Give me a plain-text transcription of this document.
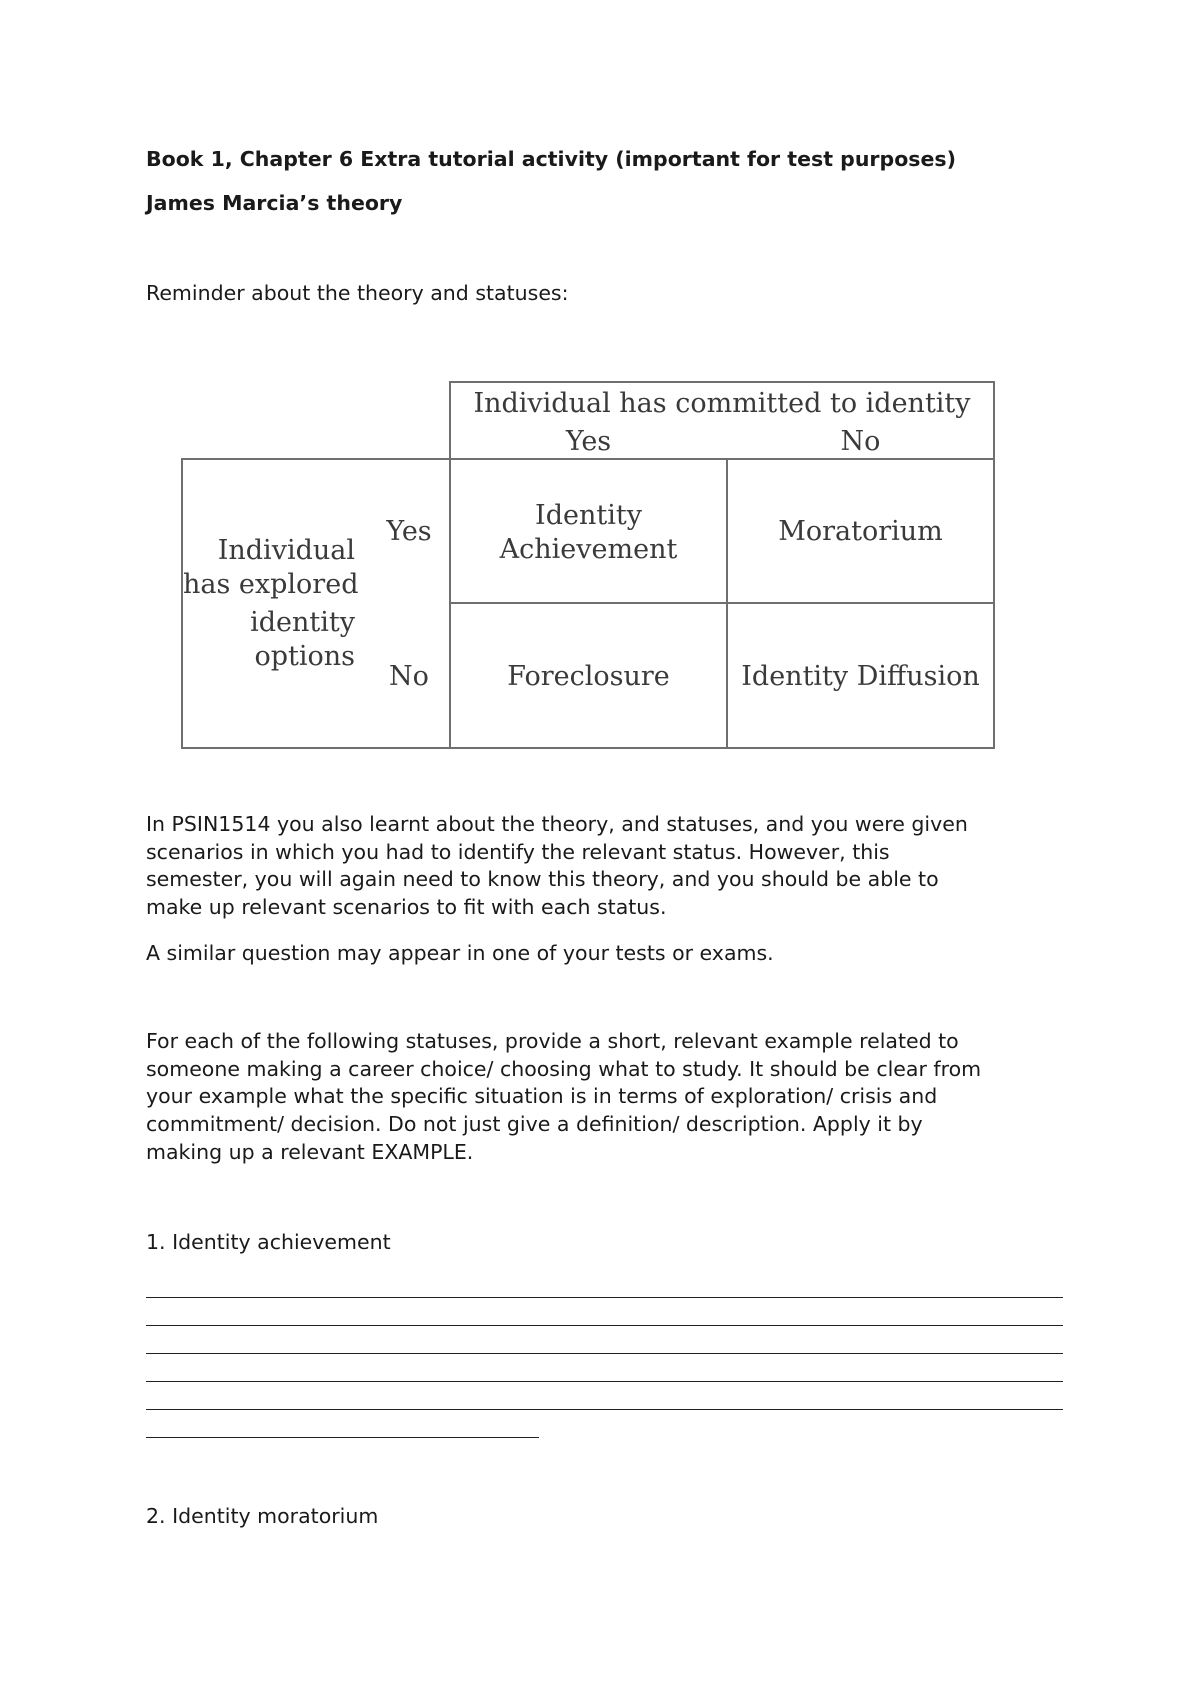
Book 1, Chapter 6 Extra tutorial activity (important for test purposes)
James Marcia’s theory
Reminder about the theory and statuses:
Individual has committed to identity
Yes	No
Individual
has explored
identity
options
Yes
No
Identity
Achievement
Moratorium
Foreclosure	Identity Diffusion
In PSIN1514 you also learnt about the theory, and statuses, and you were given
scenarios in which you had to identify the relevant status. However, this
semester, you will again need to know this theory, and you should be able to
make up relevant scenarios to fit with each status.
A similar question may appear in one of your tests or exams.
For each of the following statuses, provide a short, relevant example related to
someone making a career choice/ choosing what to study. It should be clear from
your example what the specific situation is in terms of exploration/ crisis and
commitment/ decision. Do not just give a definition/ description. Apply it by
making up a relevant EXAMPLE.
1. Identity achievement
2. Identity moratorium
